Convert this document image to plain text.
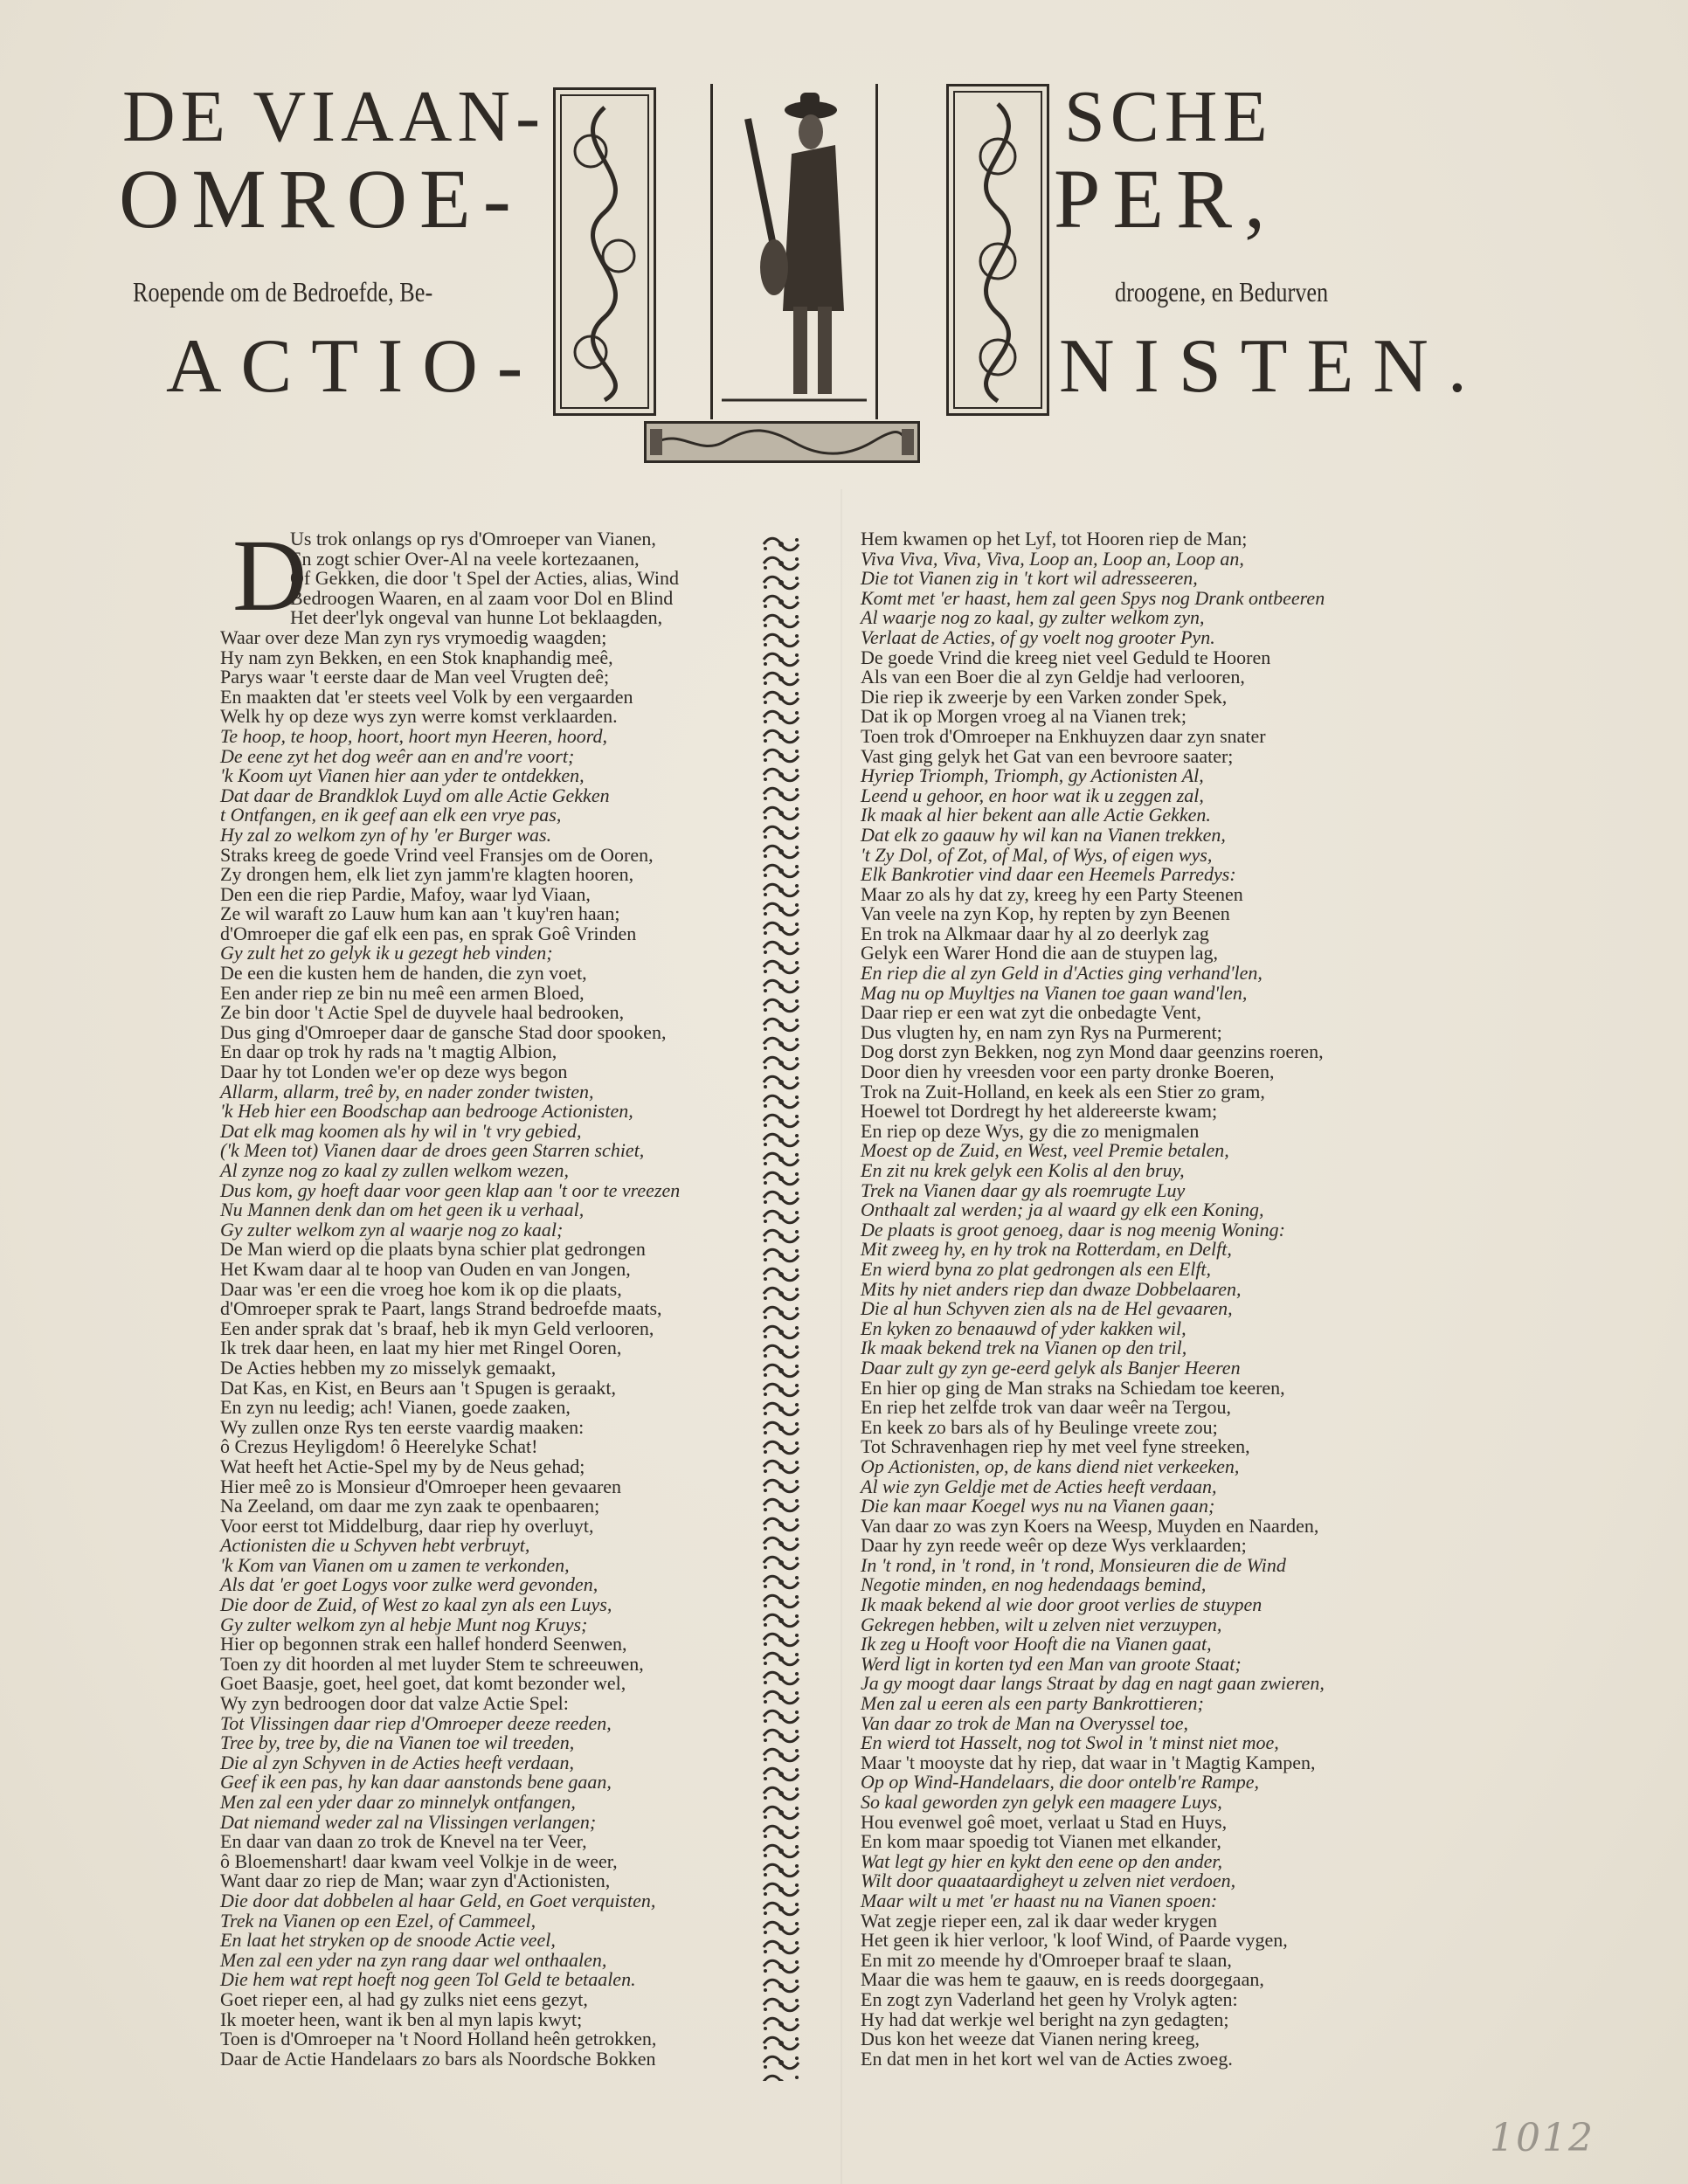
DE VIAAN-	SCHE
OMROE-	PER,
Roepende om de Bedroefde, Be-	droogene, en Bedurven
ACTIO-	NISTEN.
D
Us trok onlangs op rys d'Omroeper van Vianen,
En zogt schier Over-Al na veele kortezaanen,
Of Gekken, die door 't Spel der Acties, alias, Wind
Bedroogen Waaren, en al zaam voor Dol en Blind
Het deer'lyk ongeval van hunne Lot beklaagden,
Waar over deze Man zyn rys vrymoedig waagden;
Hy nam zyn Bekken, en een Stok knaphandig meê,
Parys waar 't eerste daar de Man veel Vrugten deê;
En maakten dat 'er steets veel Volk by een vergaarden
Welk hy op deze wys zyn werre komst verklaarden.
Te hoop, te hoop, hoort, hoort myn Heeren, hoord,
De eene zyt het dog weêr aan en and're voort;
'k Koom uyt Vianen hier aan yder te ontdekken,
Dat daar de Brandklok Luyd om alle Actie Gekken
t Ontfangen, en ik geef aan elk een vrye pas,
Hy zal zo welkom zyn of hy 'er Burger was.
Straks kreeg de goede Vrind veel Fransjes om de Ooren,
Zy drongen hem, elk liet zyn jamm're klagten hooren,
Den een die riep Pardie, Mafoy, waar lyd Viaan,
Ze wil waraft zo Lauw hum kan aan 't kuy'ren haan;
d'Omroeper die gaf elk een pas, en sprak Goê Vrinden
Gy zult het zo gelyk ik u gezegt heb vinden;
De een die kusten hem de handen, die zyn voet,
Een ander riep ze bin nu meê een armen Bloed,
Ze bin door 't Actie Spel de duyvele haal bedrooken,
Dus ging d'Omroeper daar de gansche Stad door spooken,
En daar op trok hy rads na 't magtig Albion,
Daar hy tot Londen we'er op deze wys begon
Allarm, allarm, treê by, en nader zonder twisten,
'k Heb hier een Boodschap aan bedrooge Actionisten,
Dat elk mag koomen als hy wil in 't vry gebied,
('k Meen tot) Vianen daar de droes geen Starren schiet,
Al zynze nog zo kaal zy zullen welkom wezen,
Dus kom, gy hoeft daar voor geen klap aan 't oor te vreezen
Nu Mannen denk dan om het geen ik u verhaal,
Gy zulter welkom zyn al waarje nog zo kaal;
De Man wierd op die plaats byna schier plat gedrongen
Het Kwam daar al te hoop van Ouden en van Jongen,
Daar was 'er een die vroeg hoe kom ik op die plaats,
d'Omroeper sprak te Paart, langs Strand bedroefde maats,
Een ander sprak dat 's braaf, heb ik myn Geld verlooren,
Ik trek daar heen, en laat my hier met Ringel Ooren,
De Acties hebben my zo misselyk gemaakt,
Dat Kas, en Kist, en Beurs aan 't Spugen is geraakt,
En zyn nu leedig; ach! Vianen, goede zaaken,
Wy zullen onze Rys ten eerste vaardig maaken:
ô Crezus Heyligdom! ô Heerelyke Schat!
Wat heeft het Actie-Spel my by de Neus gehad;
Hier meê zo is Monsieur d'Omroeper heen gevaaren
Na Zeeland, om daar me zyn zaak te openbaaren;
Voor eerst tot Middelburg, daar riep hy overluyt,
Actionisten die u Schyven hebt verbruyt,
'k Kom van Vianen om u zamen te verkonden,
Als dat 'er goet Logys voor zulke werd gevonden,
Die door de Zuid, of West zo kaal zyn als een Luys,
Gy zulter welkom zyn al hebje Munt nog Kruys;
Hier op begonnen strak een hallef honderd Seenwen,
Toen zy dit hoorden al met luyder Stem te schreeuwen,
Goet Baasje, goet, heel goet, dat komt bezonder wel,
Wy zyn bedroogen door dat valze Actie Spel:
Tot Vlissingen daar riep d'Omroeper deeze reeden,
Tree by, tree by, die na Vianen toe wil treeden,
Die al zyn Schyven in de Acties heeft verdaan,
Geef ik een pas, hy kan daar aanstonds bene gaan,
Men zal een yder daar zo minnelyk ontfangen,
Dat niemand weder zal na Vlissingen verlangen;
En daar van daan zo trok de Knevel na ter Veer,
ô Bloemenshart! daar kwam veel Volkje in de weer,
Want daar zo riep de Man; waar zyn d'Actionisten,
Die door dat dobbelen al haar Geld, en Goet verquisten,
Trek na Vianen op een Ezel, of Cammeel,
En laat het stryken op de snoode Actie veel,
Men zal een yder na zyn rang daar wel onthaalen,
Die hem wat rept hoeft nog geen Tol Geld te betaalen.
Goet rieper een, al had gy zulks niet eens gezyt,
Ik moeter heen, want ik ben al myn lapis kwyt;
Toen is d'Omroeper na 't Noord Holland heên getrokken,
Daar de Actie Handelaars zo bars als Noordsche Bokken
Hem kwamen op het Lyf, tot Hooren riep de Man;
Viva Viva, Viva, Viva, Loop an, Loop an, Loop an,
Die tot Vianen zig in 't kort wil adresseeren,
Komt met 'er haast, hem zal geen Spys nog Drank ontbeeren
Al waarje nog zo kaal, gy zulter welkom zyn,
Verlaat de Acties, of gy voelt nog grooter Pyn.
De goede Vrind die kreeg niet veel Geduld te Hooren
Als van een Boer die al zyn Geldje had verlooren,
Die riep ik zweerje by een Varken zonder Spek,
Dat ik op Morgen vroeg al na Vianen trek;
Toen trok d'Omroeper na Enkhuyzen daar zyn snater
Vast ging gelyk het Gat van een bevroore saater;
Hyriep Triomph, Triomph, gy Actionisten Al,
Leend u gehoor, en hoor wat ik u zeggen zal,
Ik maak al hier bekent aan alle Actie Gekken.
Dat elk zo gaauw hy wil kan na Vianen trekken,
't Zy Dol, of Zot, of Mal, of Wys, of eigen wys,
Elk Bankrotier vind daar een Heemels Parredys:
Maar zo als hy dat zy, kreeg hy een Party Steenen
Van veele na zyn Kop, hy repten by zyn Beenen
En trok na Alkmaar daar hy al zo deerlyk zag
Gelyk een Warer Hond die aan de stuypen lag,
En riep die al zyn Geld in d'Acties ging verhand'len,
Mag nu op Muyltjes na Vianen toe gaan wand'len,
Daar riep er een wat zyt die onbedagte Vent,
Dus vlugten hy, en nam zyn Rys na Purmerent;
Dog dorst zyn Bekken, nog zyn Mond daar geenzins roeren,
Door dien hy vreesden voor een party dronke Boeren,
Trok na Zuit-Holland, en keek als een Stier zo gram,
Hoewel tot Dordregt hy het aldereerste kwam;
En riep op deze Wys, gy die zo menigmalen
Moest op de Zuid, en West, veel Premie betalen,
En zit nu krek gelyk een Kolis al den bruy,
Trek na Vianen daar gy als roemrugte Luy
Onthaalt zal werden; ja al waard gy elk een Koning,
De plaats is groot genoeg, daar is nog meenig Woning:
Mit zweeg hy, en hy trok na Rotterdam, en Delft,
En wierd byna zo plat gedrongen als een Elft,
Mits hy niet anders riep dan dwaze Dobbelaaren,
Die al hun Schyven zien als na de Hel gevaaren,
En kyken zo benaauwd of yder kakken wil,
Ik maak bekend trek na Vianen op den tril,
Daar zult gy zyn ge-eerd gelyk als Banjer Heeren
En hier op ging de Man straks na Schiedam toe keeren,
En riep het zelfde trok van daar weêr na Tergou,
En keek zo bars als of hy Beulinge vreete zou;
Tot Schravenhagen riep hy met veel fyne streeken,
Op Actionisten, op, de kans diend niet verkeeken,
Al wie zyn Geldje met de Acties heeft verdaan,
Die kan maar Koegel wys nu na Vianen gaan;
Van daar zo was zyn Koers na Weesp, Muyden en Naarden,
Daar hy zyn reede weêr op deze Wys verklaarden;
In 't rond, in 't rond, in 't rond, Monsieuren die de Wind
Negotie minden, en nog hedendaags bemind,
Ik maak bekend al wie door groot verlies de stuypen
Gekregen hebben, wilt u zelven niet verzuypen,
Ik zeg u Hooft voor Hooft die na Vianen gaat,
Werd ligt in korten tyd een Man van groote Staat;
Ja gy moogt daar langs Straat by dag en nagt gaan zwieren,
Men zal u eeren als een party Bankrottieren;
Van daar zo trok de Man na Overyssel toe,
En wierd tot Hasselt, nog tot Swol in 't minst niet moe,
Maar 't mooyste dat hy riep, dat waar in 't Magtig Kampen,
Op op Wind-Handelaars, die door ontelb're Rampe,
So kaal geworden zyn gelyk een maagere Luys,
Hou evenwel goê moet, verlaat u Stad en Huys,
En kom maar spoedig tot Vianen met elkander,
Wat legt gy hier en kykt den eene op den ander,
Wilt door quaataardigheyt u zelven niet verdoen,
Maar wilt u met 'er haast nu na Vianen spoen:
Wat zegje rieper een, zal ik daar weder krygen
Het geen ik hier verloor, 'k loof Wind, of Paarde vygen,
En mit zo meende hy d'Omroeper braaf te slaan,
Maar die was hem te gaauw, en is reeds doorgegaan,
En zogt zyn Vaderland het geen hy Vrolyk agten:
Hy had dat werkje wel beright na zyn gedagten;
Dus kon het weeze dat Vianen nering kreeg,
En dat men in het kort wel van de Acties zwoeg.
1012
